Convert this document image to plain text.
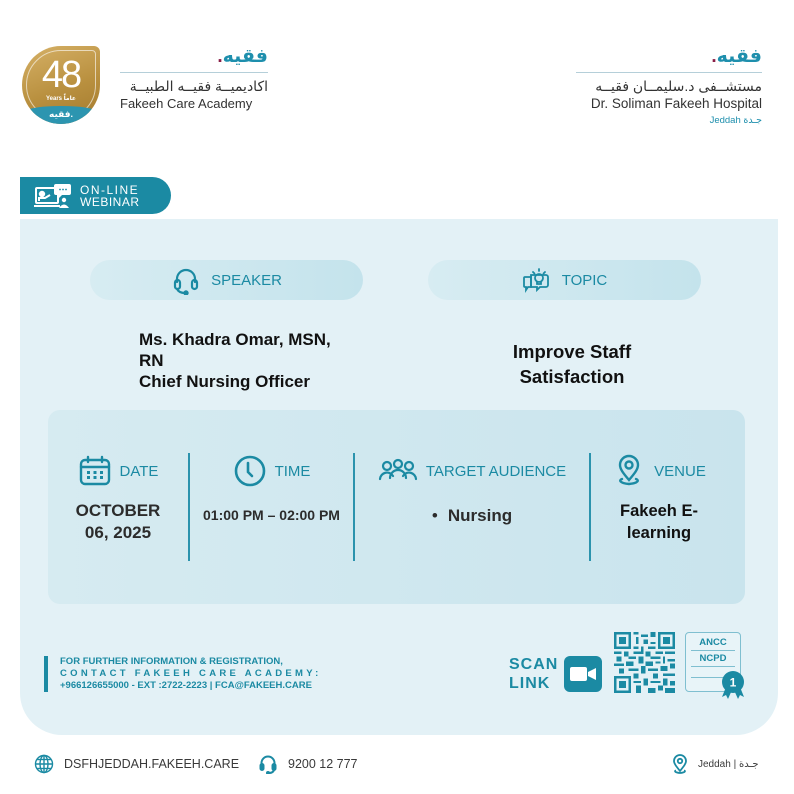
48
Years عاماً
فقيه.
.فقيه
اكاديميــة فقيــه الطبيــة
Fakeeh Care Academy
.فقيه
مستشــفى د.سليمــان فقيــه
Dr. Soliman Fakeeh Hospital
Jeddah جـدة
ON-LINE
WEBINAR
SPEAKER	TOPIC
Ms. Khadra Omar, MSN,
RN
Chief Nursing Officer
Improve Staff
Satisfaction
DATE
OCTOBER
06, 2025
TIME
01:00 PM – 02:00 PM
TARGET AUDIENCE
• Nursing
VENUE
Fakeeh E-
learning
FOR FURTHER INFORMATION & REGISTRATION,
CONTACT FAKEEH CARE ACADEMY:
+966126655000 - EXT :2722-2223 | FCA@FAKEEH.CARE
SCAN
LINK
ANCC
NCPD
1
DSFHJEDDAH.FAKEEH.CARE	9200 12 777	Jeddah | جـدة
